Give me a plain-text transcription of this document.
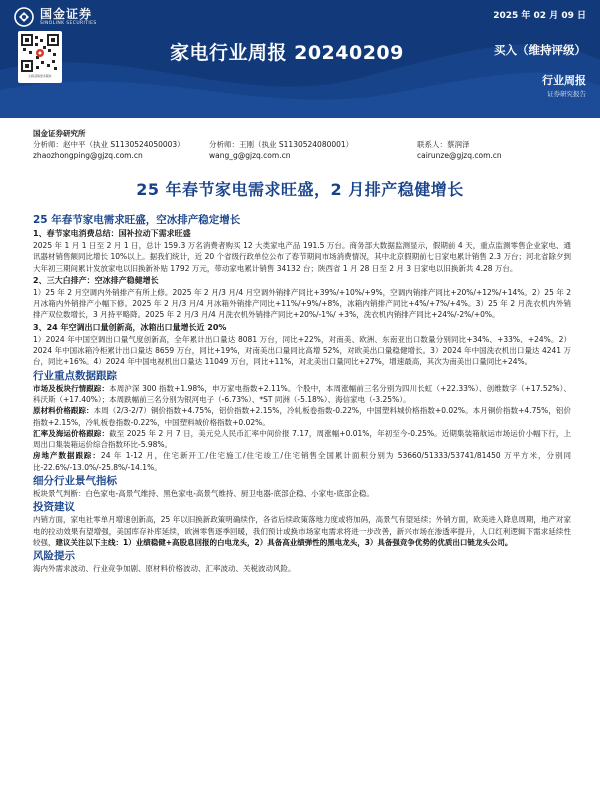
国金证券
SINOLINK SECURITIES
2025 年 02 月 09 日
扫码获取更多服务
家电行业周报 20240209	买入（维持评级）
行业周报
证券研究报告
国金证券研究所
分析师：赵中平（执业 S1130524050003）	分析师：王刚（执业 S1130524080001）	联系人：蔡润泽
zhaozhongping@gjzq.com.cn	wang_g@gjzq.com.cn	cairunze@gjzq.com.cn
25 年春节家电需求旺盛，2 月排产稳健增长
25 年春节家电需求旺盛，空冰排产稳定增长
1、春节家电消费总结：国补拉动下需求旺盛

2025 年 1 月 1 日至 2 月 1 日，总计 159.3 万名消费者购买 12 大类家电产品 191.5 万台。商务部大数据监测显示，假期前 4 天，重点监测零售企业家电、通讯器材销售额同比增长 10%以上。据我们统计，近 20 个省级行政单位公布了春节期间市场消费情况，其中北京假期前七日家电累计销售 2.3 万台；河北省除夕到大年初三期间累计发放家电以旧换新补贴 1792 万元，带动家电累计销售 34132 台；陕西省 1 月 28 日至 2 月 3 日家电以旧换新共 4.28 万台。

2、三大白排产：空冰排产稳健增长

1）25 年 2 月空调内外销排产有所上修。2025 年 2 月/3 月/4 月空调外销排产同比+39%/+10%/+9%，空调内销排产同比+20%/+12%/+14%。2）25 年 2 月冰箱内外销排产小幅下修。2025 年 2 月/3 月/4 月冰箱外销排产同比+11%/+9%/+8%，冰箱内销排产同比+4%/+7%/+4%。3）25 年 2 月洗衣机内外销排产双位数增长，3 月持平略降。2025 年 2 月/3 月/4 月洗衣机外销排产同比+20%/-1%/ +3%，洗衣机内销排产同比+24%/-2%/+0%。

3、24 年空调出口量创新高，冰箱出口量增长近 20%

1）2024 年中国空调出口量气度创新高，全年累计出口量达 8081 万台，同比+22%，对南美、欧洲、东南亚出口数量分别同比+34%、+33%、+24%。2）2024 年中国冰箱冷柜累计出口量达 8659 万台，同比+19%，对南美出口量同比高增 52%，对欧美出口量稳健增长。3）2024 年中国洗衣机出口量达 4241 万台，同比+16%。4）2024 年中国电视机出口量达 11049 万台，同比+11%，对北美出口量同比+27%，增速最高，其次为南美出口量同比+24%。

行业重点数据跟踪

市场及板块行情跟踪：本周沪深 300 指数+1.98%，申万家电指数+2.11%。个股中，本周涨幅前三名分别为四川长虹（+22.33%）、创维数字（+17.52%）、科沃斯（+17.40%）；本周跌幅前三名分别为银河电子（-6.73%）、*ST 同洲（-5.18%）、海信家电（-3.25%）。

原材料价格跟踪：本周（2/3-2/7）铜价指数+4.75%，铝价指数+2.15%，冷轧板卷指数-0.22%，中国塑料城价格指数+0.02%。本月铜价指数+4.75%，铝价指数+2.15%，冷轧板卷指数-0.22%，中国塑料城价格指数+0.02%。

汇率及海运价格跟踪：截至 2025 年 2 月 7 日，美元兑人民币汇率中间价报 7.17，周涨幅+0.01%，年初至今-0.25%。近期集装箱航运市场运价小幅下行，上周出口集装箱运价综合指数环比-5.98%。

房地产数据跟踪：24 年 1-12 月，住宅新开工/住宅施工/住宅竣工/住宅销售全国累计面积分别为 53660/51333/53741/81450 万平方米，分别同比-22.6%/-13.0%/-25.8%/-14.1%。

细分行业景气指标

板块景气判断：白色家电-高景气维持、黑色家电-高景气维持、厨卫电器-底部企稳、小家电-底部企稳。

投资建议

内销方面，家电社零单月增速创新高，25 年以旧换新政策明确续作，各省后续政策落地力度或将加码，高景气有望延续；外销方面，欧美进入降息周期，地产对家电的拉动效果有望增强，美国库存补库延续，欧洲零售逐季回暖，我们预计或换市场家电需求将进一步改善，新兴市场在渗透率提升，人口红利逻辑下需求延续性较强，建议关注以下主线：1）业绩稳健+高股息回报的白电龙头，2）具备高业绩弹性的黑电龙头，3）具备强竞争优势的优质出口链龙头公司。

风险提示

海内外需求波动、行业竞争加剧、原材料价格波动、汇率波动、关税波动风险。
